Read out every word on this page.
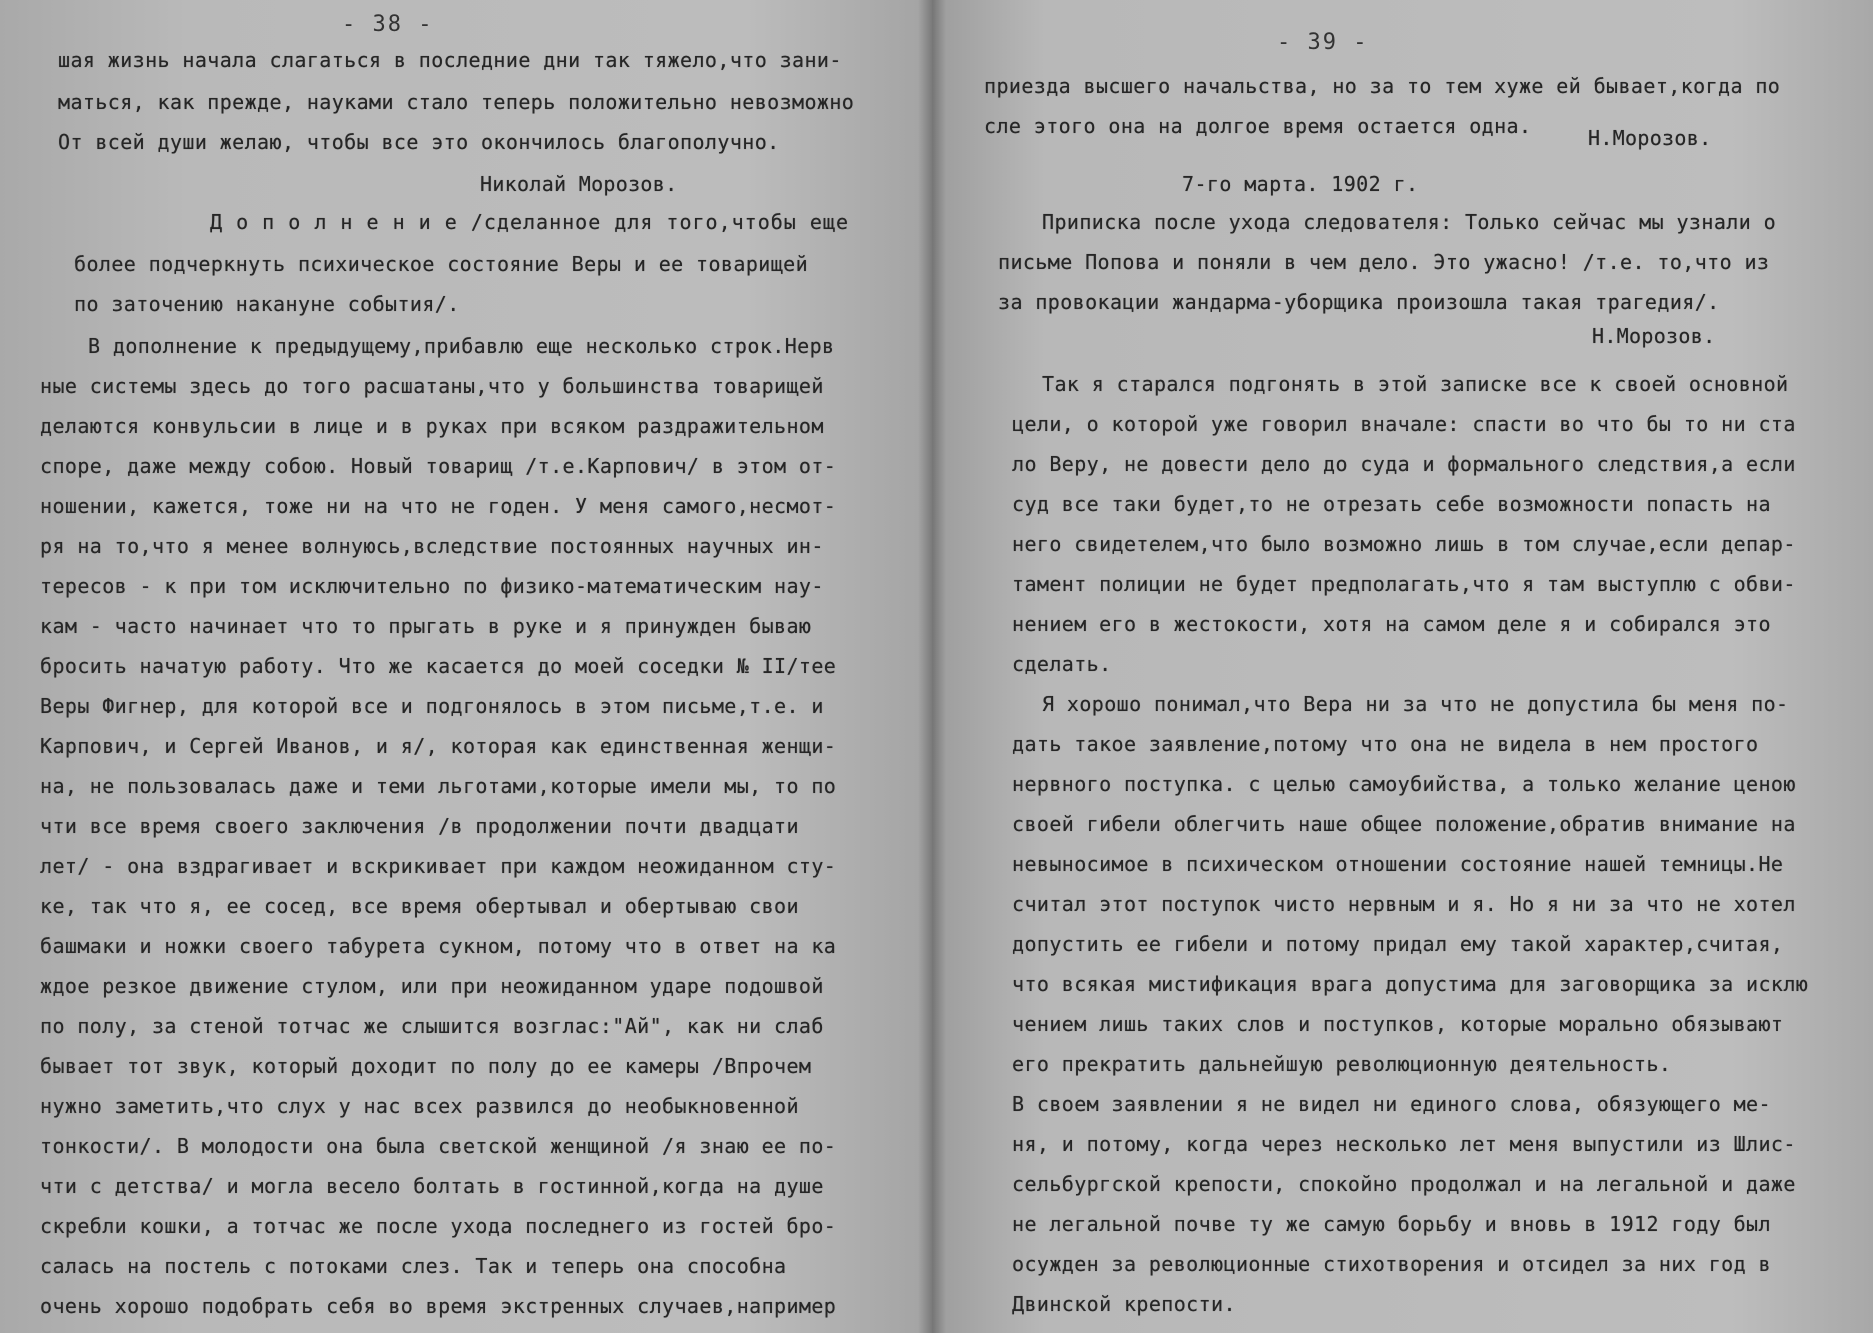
- 38 -
шая жизнь начала слагаться в последние дни так тяжело,что зани-
маться, как прежде, науками стало теперь положительно невозможно
От всей души желаю, чтобы все это окончилось благополучно.
Николай Морозов.
Д о п о л н е н и е /сделанное для того,чтобы еще
более подчеркнуть психическое состояние Веры и ее товарищей
по заточению накануне события/.
В дополнение к предыдущему,прибавлю еще несколько строк.Нерв
ные системы здесь до того расшатаны,что у большинства товарищей
делаются конвульсии в лице и в руках при всяком раздражительном
споре, даже между собою. Новый товарищ /т.е.Карпович/ в этом от-
ношении, кажется, тоже ни на что не годен. У меня самого,несмот-
ря на то,что я менее волнуюсь,вследствие постоянных научных ин-
тересов - к при том исключительно по физико-математическим нау-
кам - часто начинает что то прыгать в руке и я принужден бываю
бросить начатую работу. Что же касается до моей соседки № II/тее
Веры Фигнер, для которой все и подгонялось в этом письме,т.е. и
Карпович, и Сергей Иванов, и я/, которая как единственная женщи-
на, не пользовалась даже и теми льготами,которые имели мы, то по
чти все время своего заключения /в продолжении почти двадцати
лет/ - она вздрагивает и вскрикивает при каждом неожиданном сту-
ке, так что я, ее сосед, все время обертывал и обертываю свои
башмаки и ножки своего табурета сукном, потому что в ответ на ка
ждое резкое движение стулом, или при неожиданном ударе подошвой
по полу, за стеной тотчас же слышится возглас:"Ай", как ни слаб
бывает тот звук, который доходит по полу до ее камеры /Впрочем
нужно заметить,что слух у нас всех развился до необыкновенной
тонкости/. В молодости она была светской женщиной /я знаю ее по-
чти с детства/ и могла весело болтать в гостинной,когда на душе
скребли кошки, а тотчас же после ухода последнего из гостей бро-
салась на постель с потоками слез. Так и теперь она способна
очень хорошо подобрать себя во время экстренных случаев,например
- 39 -
приезда высшего начальства, но за то тем хуже ей бывает,когда по
сле этого она на долгое время остается одна.	Н.Морозов.
7-го марта. 1902 г.
Приписка после ухода следователя: Только сейчас мы узнали о
письме Попова и поняли в чем дело. Это ужасно! /т.е. то,что из
за провокации жандарма-уборщика произошла такая трагедия/.
Н.Морозов.
Так я старался подгонять в этой записке все к своей основной
цели, о которой уже говорил вначале: спасти во что бы то ни ста
ло Веру, не довести дело до суда и формального следствия,а если
суд все таки будет,то не отрезать себе возможности попасть на
него свидетелем,что было возможно лишь в том случае,если депар-
тамент полиции не будет предполагать,что я там выступлю с обви-
нением его в жестокости, хотя на самом деле я и собирался это
сделать.
Я хорошо понимал,что Вера ни за что не допустила бы меня по-
дать такое заявление,потому что она не видела в нем простого
нервного поступка. с целью самоубийства, а только желание ценою
своей гибели облегчить наше общее положение,обратив внимание на
невыносимое в психическом отношении состояние нашей темницы.Не
считал этот поступок чисто нервным и я. Но я ни за что не хотел
допустить ее гибели и потому придал ему такой характер,считая,
что всякая мистификация врага допустима для заговорщика за исклю
чением лишь таких слов и поступков, которые морально обязывают
его прекратить дальнейшую революционную деятельность.
В своем заявлении я не видел ни единого слова, обязующего ме-
ня, и потому, когда через несколько лет меня выпустили из Шлис-
сельбургской крепости, спокойно продолжал и на легальной и даже
не легальной почве ту же самую борьбу и вновь в 1912 году был
осужден за революционные стихотворения и отсидел за них год в
Двинской крепости.
